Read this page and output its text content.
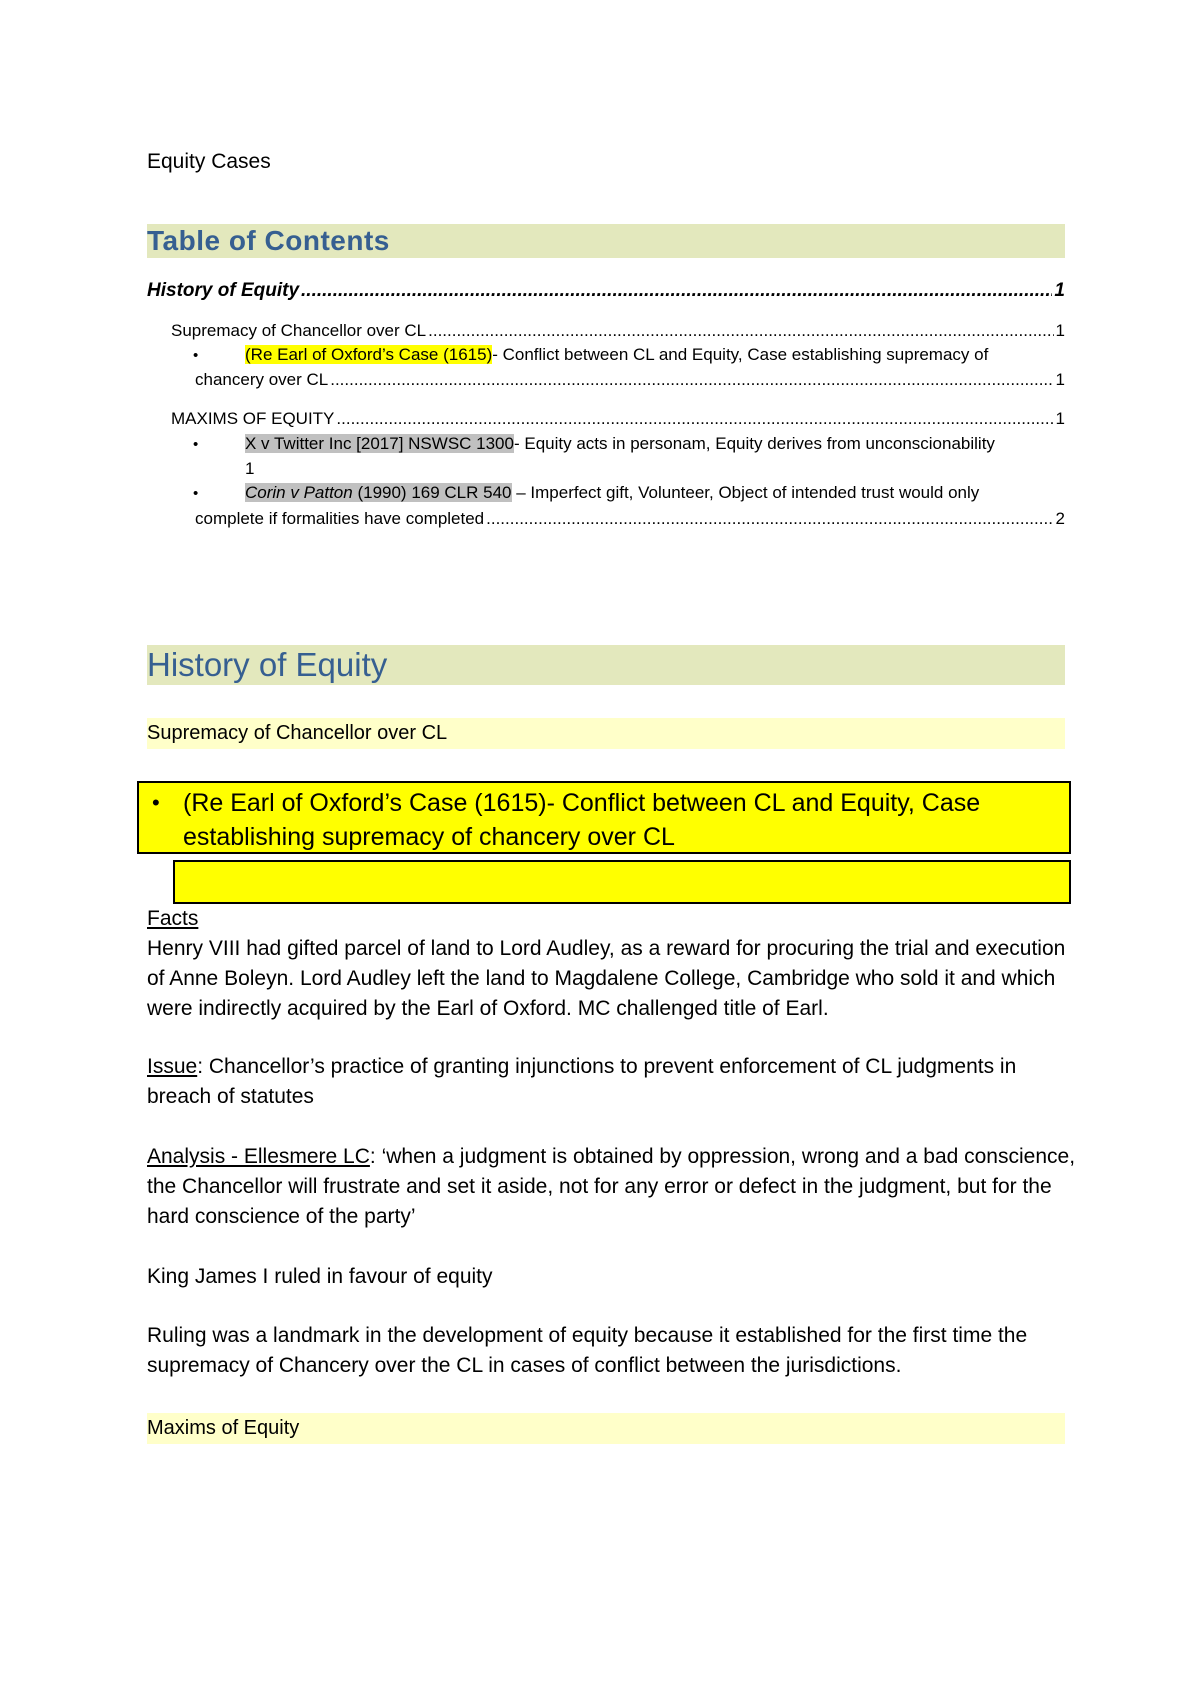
Equity Cases
Table of Contents
History of Equity .....	1
Supremacy of Chancellor over CL .....	1
•	(Re Earl of Oxford’s Case (1615)- Conflict between CL and Equity, Case establishing supremacy of
chancery over CL .....	1
MAXIMS OF EQUITY .....	1
•	X v Twitter Inc [2017] NSWSC 1300- Equity acts in personam, Equity derives from unconscionability
1
•	Corin v Patton (1990) 169 CLR 540 – Imperfect gift, Volunteer, Object of intended trust would only
complete if formalities have completed .....	2
History of Equity
Supremacy of Chancellor over CL
• (Re Earl of Oxford’s Case (1615)- Conflict between CL and Equity, Case establishing supremacy of chancery over CL
Facts
Henry VIII had gifted parcel of land to Lord Audley, as a reward for procuring the trial and execution of Anne Boleyn. Lord Audley left the land to Magdalene College, Cambridge who sold it and which were indirectly acquired by the Earl of Oxford. MC challenged title of Earl.
Issue: Chancellor’s practice of granting injunctions to prevent enforcement of CL judgments in breach of statutes
Analysis - Ellesmere LC: ‘when a judgment is obtained by oppression, wrong and a bad conscience, the Chancellor will frustrate and set it aside, not for any error or defect in the judgment, but for the hard conscience of the party’
King James I ruled in favour of equity
Ruling was a landmark in the development of equity because it established for the first time the supremacy of Chancery over the CL in cases of conflict between the jurisdictions.
Maxims of Equity
